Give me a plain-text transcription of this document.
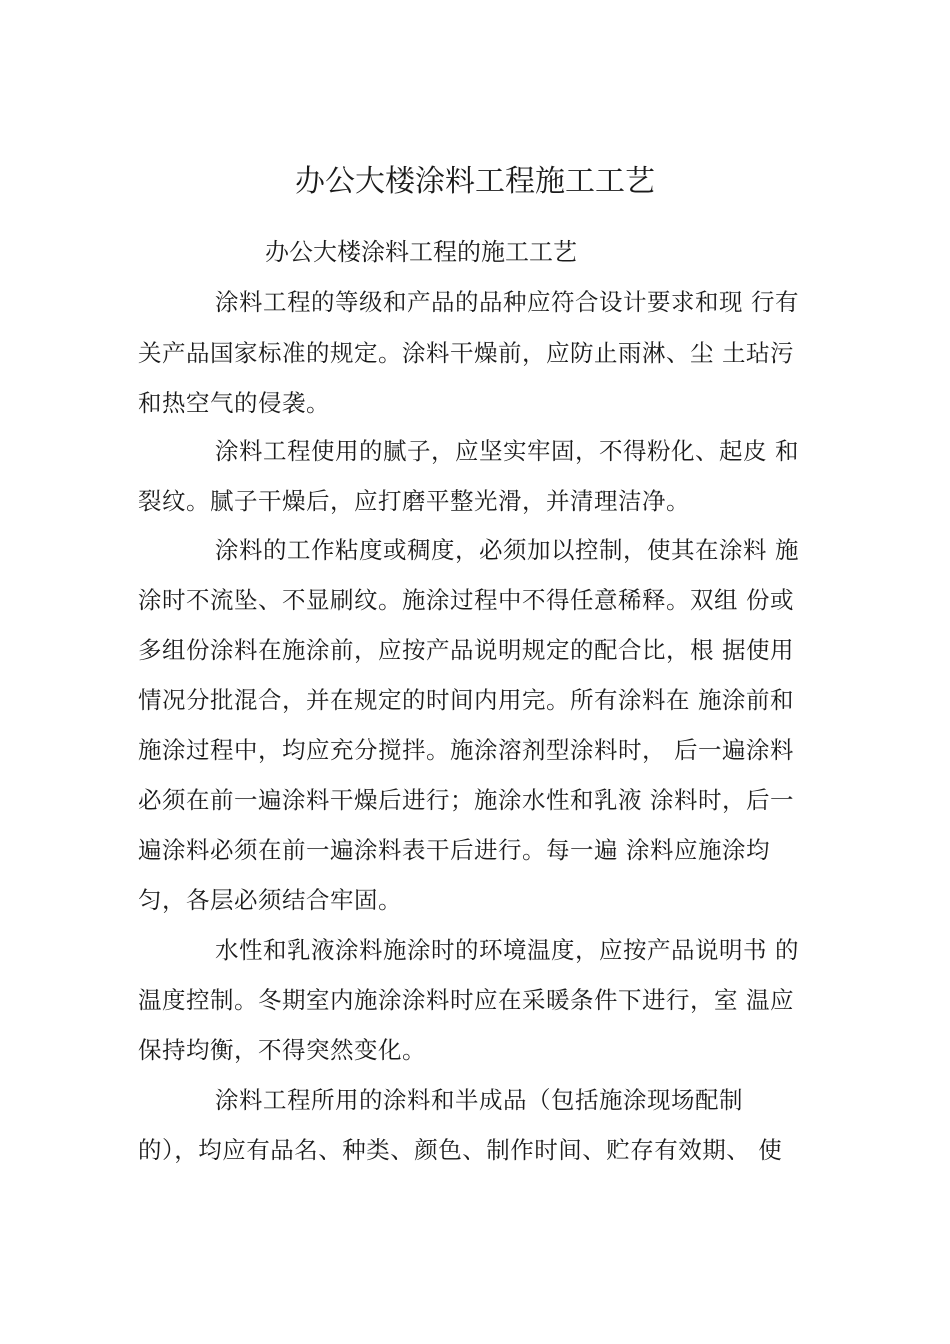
办公大楼涂料工程施工工艺
办公大楼涂料工程的施工工艺
涂料工程的等级和产品的品种应符合设计要求和现 行有
关产品国家标准的规定。涂料干燥前，应防止雨淋、尘 土玷污
和热空气的侵袭。
涂料工程使用的腻子，应坚实牢固，不得粉化、起皮 和
裂纹。腻子干燥后，应打磨平整光滑，并清理洁净。
涂料的工作粘度或稠度，必须加以控制，使其在涂料 施
涂时不流坠、不显刷纹。施涂过程中不得任意稀释。双组 份或
多组份涂料在施涂前，应按产品说明规定的配合比，根 据使用
情况分批混合，并在规定的时间内用完。所有涂料在 施涂前和
施涂过程中，均应充分搅拌。施涂溶剂型涂料时， 后一遍涂料
必须在前一遍涂料干燥后进行；施涂水性和乳液 涂料时，后一
遍涂料必须在前一遍涂料表干后进行。每一遍 涂料应施涂均
匀，各层必须结合牢固。
水性和乳液涂料施涂时的环境温度，应按产品说明书 的
温度控制。冬期室内施涂涂料时应在采暖条件下进行，室 温应
保持均衡，不得突然变化。
涂料工程所用的涂料和半成品（包括施涂现场配制
的），均应有品名、种类、颜色、制作时间、贮存有效期、 使
